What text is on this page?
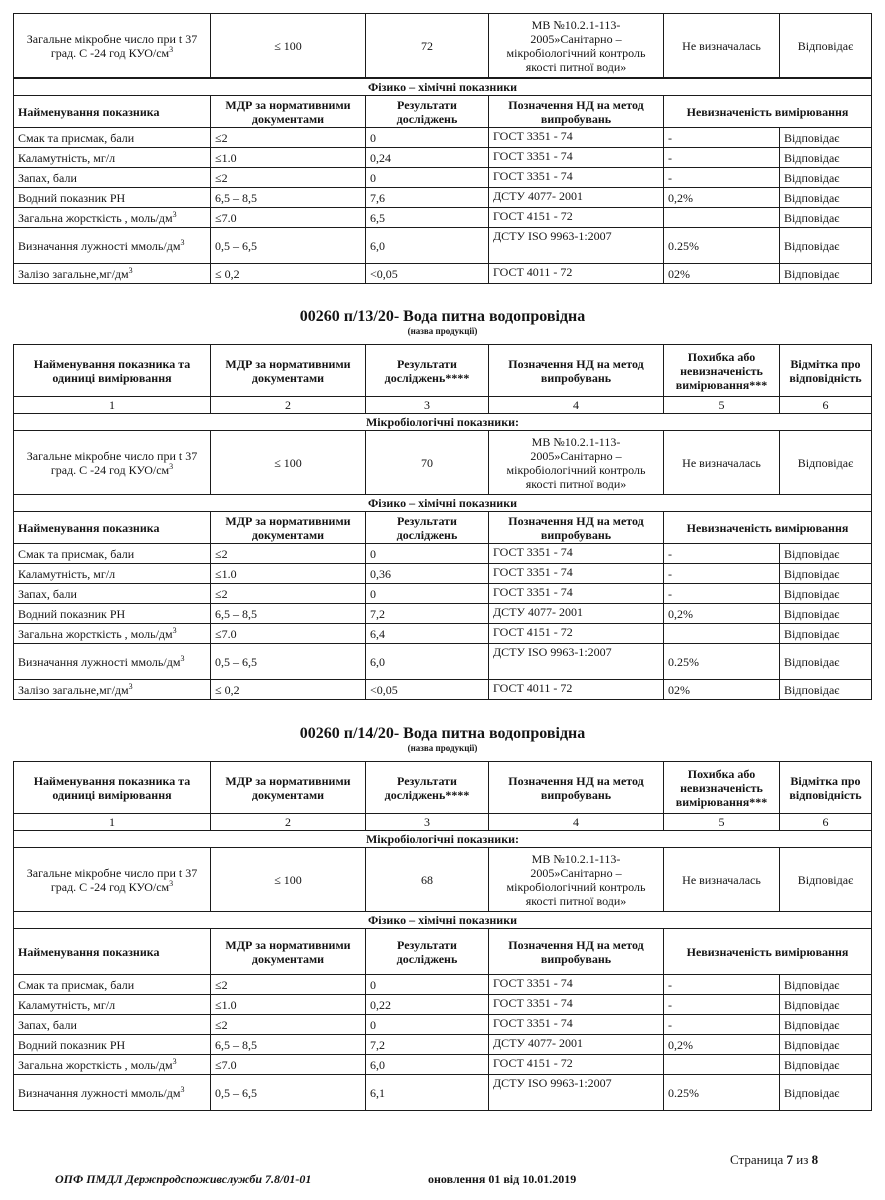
Загальне мікробне число при t 37 град. С -24 год КУО/$см^3$	≤ 100	72	МВ №10.2.1-113-2005»Санітарно – мікробіологічний контроль якості питної води»	Не визначалась	Відповідає
Фізико – хімічні показники					
Найменування показника	МДР за нормативними документами	Результати досліджень	Позначення НД на метод випробувань	Невизначеність вимірювання	
Смак та присмак, бали	≤2	0	ГОСТ 3351 - 74	-	Відповідає
Каламутність, мг/л	≤1.0	0,24	ГОСТ 3351 - 74	-	Відповідає
Запах, бали	≤2	0	ГОСТ 3351 - 74	-	Відповідає
Водний показник РН	6,5 – 8,5	7,6	ДСТУ 4077- 2001	0,2%	Відповідає
Загальна жорсткість , моль/$дм^3$	≤7.0	6,5	ГОСТ 4151 - 72		Відповідає
Визначання лужності ммоль/$дм^3$	0,5 – 6,5	6,0	ДСТУ ISO 9963-1:2007	0.25%	Відповідає
Залізо $загальне,мг/дм^3$	≤ 0,2	<0,05	ГОСТ 4011 - 72	02%	Відповідає
00260 п/13/20- Вода питна водопровідна
(назва продукції)
Найменування показника та одиниці вимірювання	МДР за нормативними документами	Результати досліджень****	Позначення НД на метод випробувань	Похибка або невизначеність вимірювання***	Відмітка про відповідність
1	2	3	4	5	6
Мікробіологічні показники:					
Загальне мікробне число при t 37 град. С -24 год КУО/$см^3$	≤ 100	70	МВ №10.2.1-113-2005»Санітарно – мікробіологічний контроль якості питної води»	Не визначалась	Відповідає
Фізико – хімічні показники					
Найменування показника	МДР за нормативними документами	Результати досліджень	Позначення НД на метод випробувань	Невизначеність вимірювання	
Смак та присмак, бали	≤2	0	ГОСТ 3351 - 74	-	Відповідає
Каламутність, мг/л	≤1.0	0,36	ГОСТ 3351 - 74	-	Відповідає
Запах, бали	≤2	0	ГОСТ 3351 - 74	-	Відповідає
Водний показник РН	6,5 – 8,5	7,2	ДСТУ 4077- 2001	0,2%	Відповідає
Загальна жорсткість , моль/$дм^3$	≤7.0	6,4	ГОСТ 4151 - 72		Відповідає
Визначання лужності ммоль/$дм^3$	0,5 – 6,5	6,0	ДСТУ ISO 9963-1:2007	0.25%	Відповідає
Залізо $загальне,мг/дм^3$	≤ 0,2	<0,05	ГОСТ 4011 - 72	02%	Відповідає
00260 п/14/20- Вода питна водопровідна
(назва продукції)
Найменування показника та одиниці вимірювання	МДР за нормативними документами	Результати досліджень****	Позначення НД на метод випробувань	Похибка або невизначеність вимірювання***	Відмітка про відповідність
1	2	3	4	5	6
Мікробіологічні показники:					
Загальне мікробне число при t 37 град. С -24 год КУО/$см^3$	≤ 100	68	МВ №10.2.1-113-2005»Санітарно – мікробіологічний контроль якості питної води»	Не визначалась	Відповідає
Фізико – хімічні показники					
Найменування показника	МДР за нормативними документами	Результати досліджень	Позначення НД на метод випробувань	Невизначеність вимірювання	
Смак та присмак, бали	≤2	0	ГОСТ 3351 - 74	-	Відповідає
Каламутність, мг/л	≤1.0	0,22	ГОСТ 3351 - 74	-	Відповідає
Запах, бали	≤2	0	ГОСТ 3351 - 74	-	Відповідає
Водний показник РН	6,5 – 8,5	7,2	ДСТУ 4077- 2001	0,2%	Відповідає
Загальна жорсткість , моль/$дм^3$	≤7.0	6,0	ГОСТ 4151 - 72		Відповідає
Визначання лужності ммоль/$дм^3$	0,5 – 6,5	6,1	ДСТУ ISO 9963-1:2007	0.25%	Відповідає
Страница 7 из 8
ОПФ ПМДЛ Держпродспоживслужби 7.8/01-01	оновлення 01 від 10.01.2019
